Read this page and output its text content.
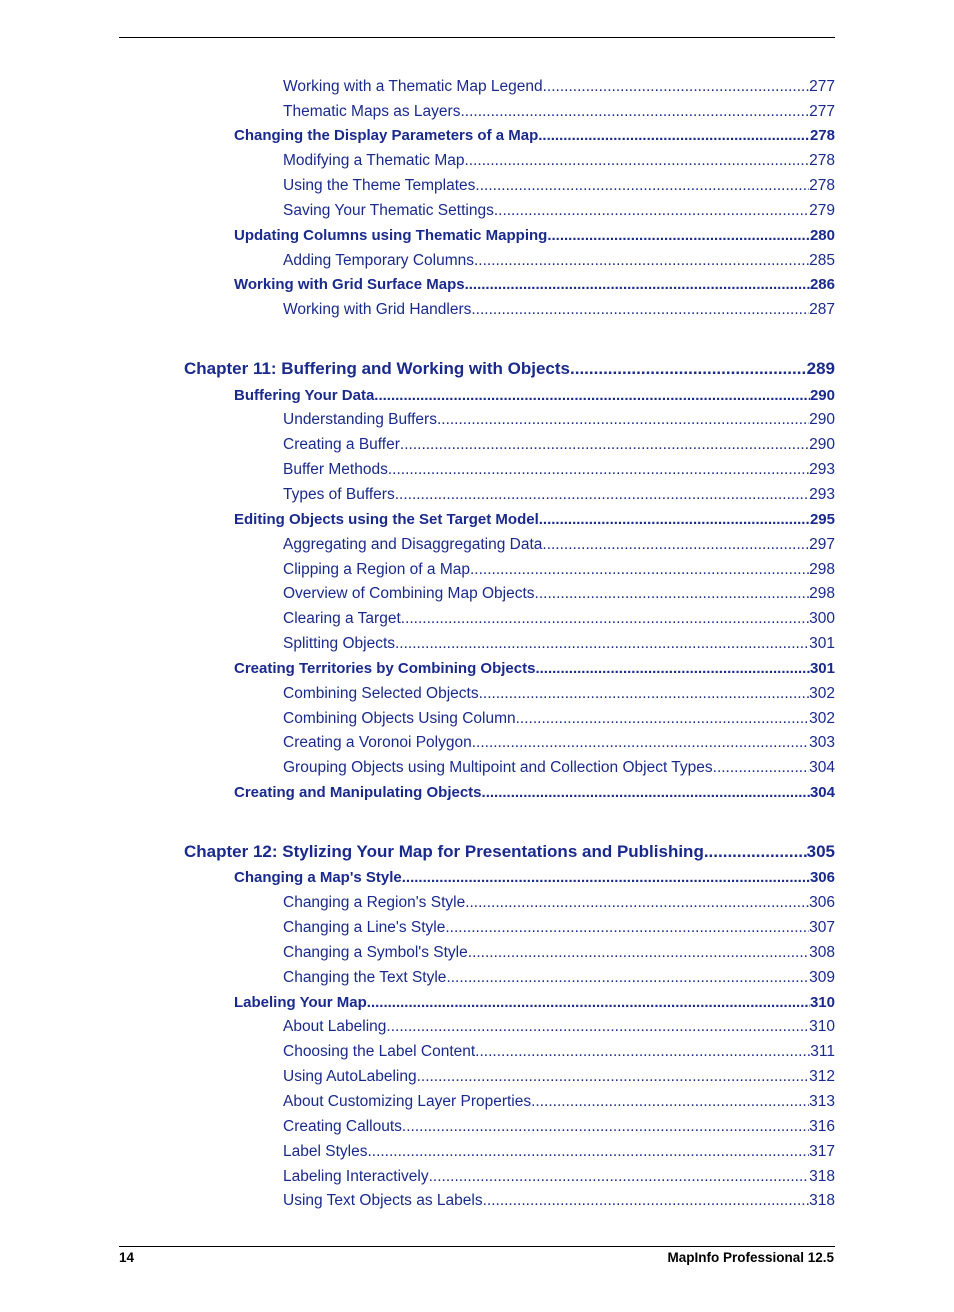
Working with a Thematic Map Legend .....	277
Thematic Maps as Layers .....	277
Changing the Display Parameters of a Map .....	278
Modifying a Thematic Map .....	278
Using the Theme Templates .....	278
Saving Your Thematic Settings .....	279
Updating Columns using Thematic Mapping .....	280
Adding Temporary Columns .....	285
Working with Grid Surface Maps .....	286
Working with Grid Handlers .....	287
Chapter 11: Buffering and Working with Objects .....	289
Buffering Your Data .....	290
Understanding Buffers .....	290
Creating a Buffer .....	290
Buffer Methods .....	293
Types of Buffers .....	293
Editing Objects using the Set Target Model .....	295
Aggregating and Disaggregating Data .....	297
Clipping a Region of a Map .....	298
Overview of Combining Map Objects .....	298
Clearing a Target .....	300
Splitting Objects .....	301
Creating Territories by Combining Objects .....	301
Combining Selected Objects .....	302
Combining Objects Using Column .....	302
Creating a Voronoi Polygon .....	303
Grouping Objects using Multipoint and Collection Object Types .....	304
Creating and Manipulating Objects .....	304
Chapter 12: Stylizing Your Map for Presentations and Publishing .....	305
Changing a Map's Style .....	306
Changing a Region's Style .....	306
Changing a Line's Style .....	307
Changing a Symbol's Style .....	308
Changing the Text Style .....	309
Labeling Your Map .....	310
About Labeling .....	310
Choosing the Label Content .....	311
Using AutoLabeling .....	312
About Customizing Layer Properties .....	313
Creating Callouts .....	316
Label Styles .....	317
Labeling Interactively .....	318
Using Text Objects as Labels .....	318
14	MapInfo Professional 12.5
